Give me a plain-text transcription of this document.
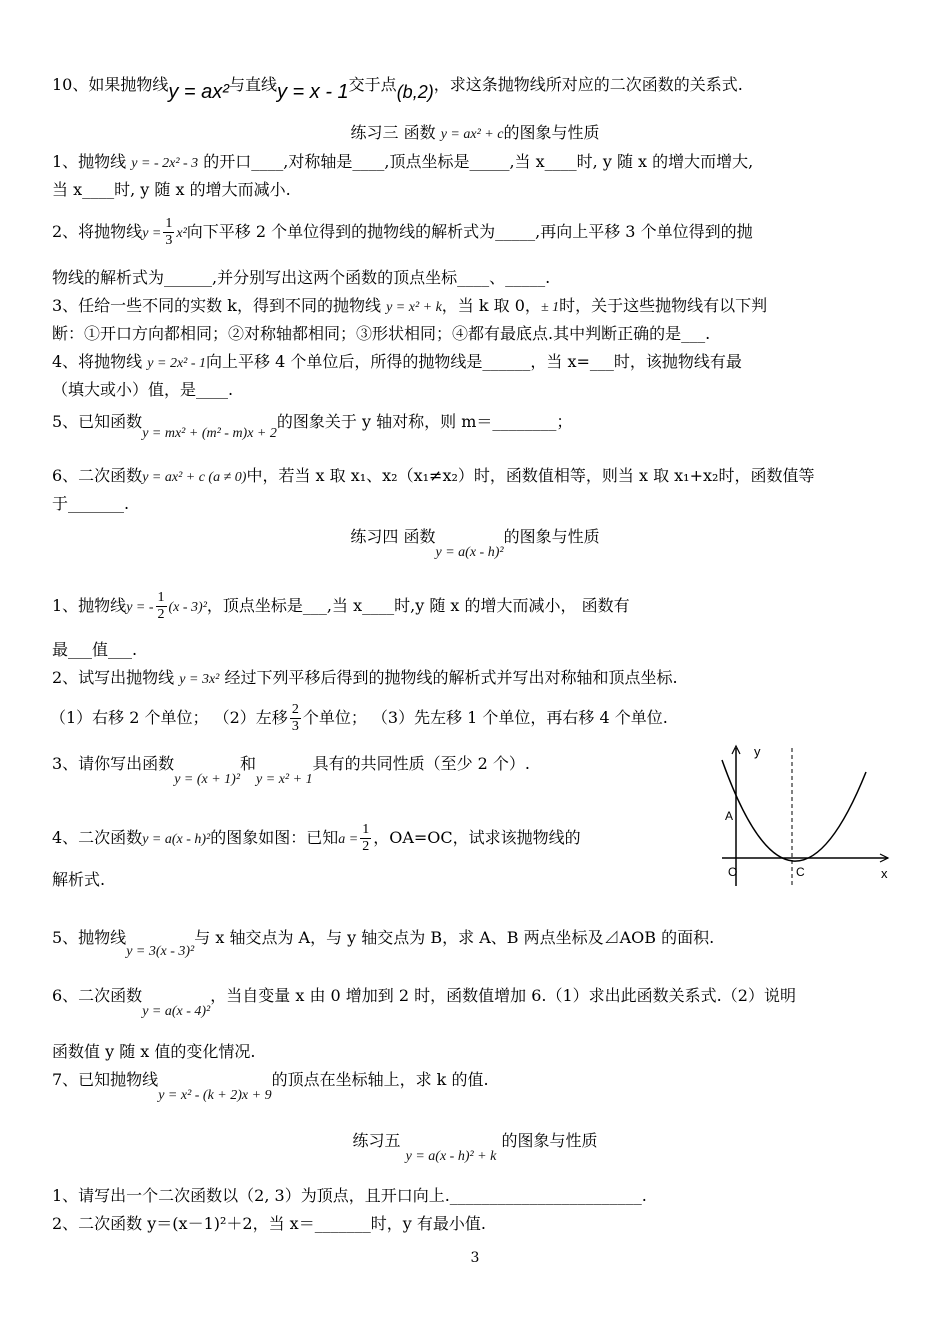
10、如果抛物线y = ax²与直线y = x - 1交于点(b,2)，求这条抛物线所对应的二次函数的关系式.
练习三 函数 y = ax² + c的图象与性质
1、抛物线 y = - 2x² - 3 的开口____,对称轴是____,顶点坐标是_____,当 x____时, y 随 x 的增大而增大,
当 x____时, y 随 x 的增大而减小.
2、将抛物线$y = \frac{1}{3} x^2$向下平移 2 个单位得到的抛物线的解析式为_____,再向上平移 3 个单位得到的抛
物线的解析式为______,并分别写出这两个函数的顶点坐标____、_____.
3、任给一些不同的实数 k，得到不同的抛物线 y = x² + k，当 k 取 0，± 1时，关于这些抛物线有以下判
断：①开口方向都相同；②对称轴都相同；③形状相同；④都有最底点.其中判断正确的是___.
4、将抛物线 y = 2x² - 1向上平移 4 个单位后，所得的抛物线是______，当 x=___时，该抛物线有最
（填大或小）值，是____.
5、已知函数y = mx² + (m² - m)x + 2的图象关于 y 轴对称，则 m＝________；
6、二次函数y = ax² + c (a ≠ 0)中，若当 x 取 x₁、x₂（x₁≠x₂）时，函数值相等，则当 x 取 x₁+x₂时，函数值等
于_______.
练习四 函数y = a(x - h)²的图象与性质
1、抛物线y = - $\frac{1}{2} (x - 3)^2$，顶点坐标是___,当 x____时,y 随 x 的增大而减小， 函数有
最___值___.
2、试写出抛物线 y = 3x² 经过下列平移后得到的抛物线的解析式并写出对称轴和顶点坐标.
（1）右移 2 个单位； （2）左移 $\frac{2}{3}$ 个单位； （3）先左移 1 个单位，再右移 4 个单位.
3、请你写出函数y = (x + 1)²和y = x² + 1具有的共同性质（至少 2 个）.
4、二次函数y = a(x - h)²的图象如图：已知$a = \frac{1}{2}$ ，OA=OC，试求该抛物线的
解析式.
y
x
A
O	C
5、抛物线y = 3(x - 3)²与 x 轴交点为 A，与 y 轴交点为 B，求 A、B 两点坐标及⊿AOB 的面积.
6、二次函数y = a(x - 4)²，当自变量 x 由 0 增加到 2 时，函数值增加 6.（1）求出此函数关系式.（2）说明
函数值 y 随 x 值的变化情况.
7、已知抛物线y = x² - (k + 2)x + 9的顶点在坐标轴上，求 k 的值.
练习五 y = a(x - h)² + k 的图象与性质
1、请写出一个二次函数以（2, 3）为顶点，且开口向上.________________________.
2、二次函数 y＝(x－1)²＋2，当 x＝_______时，y 有最小值.
3
